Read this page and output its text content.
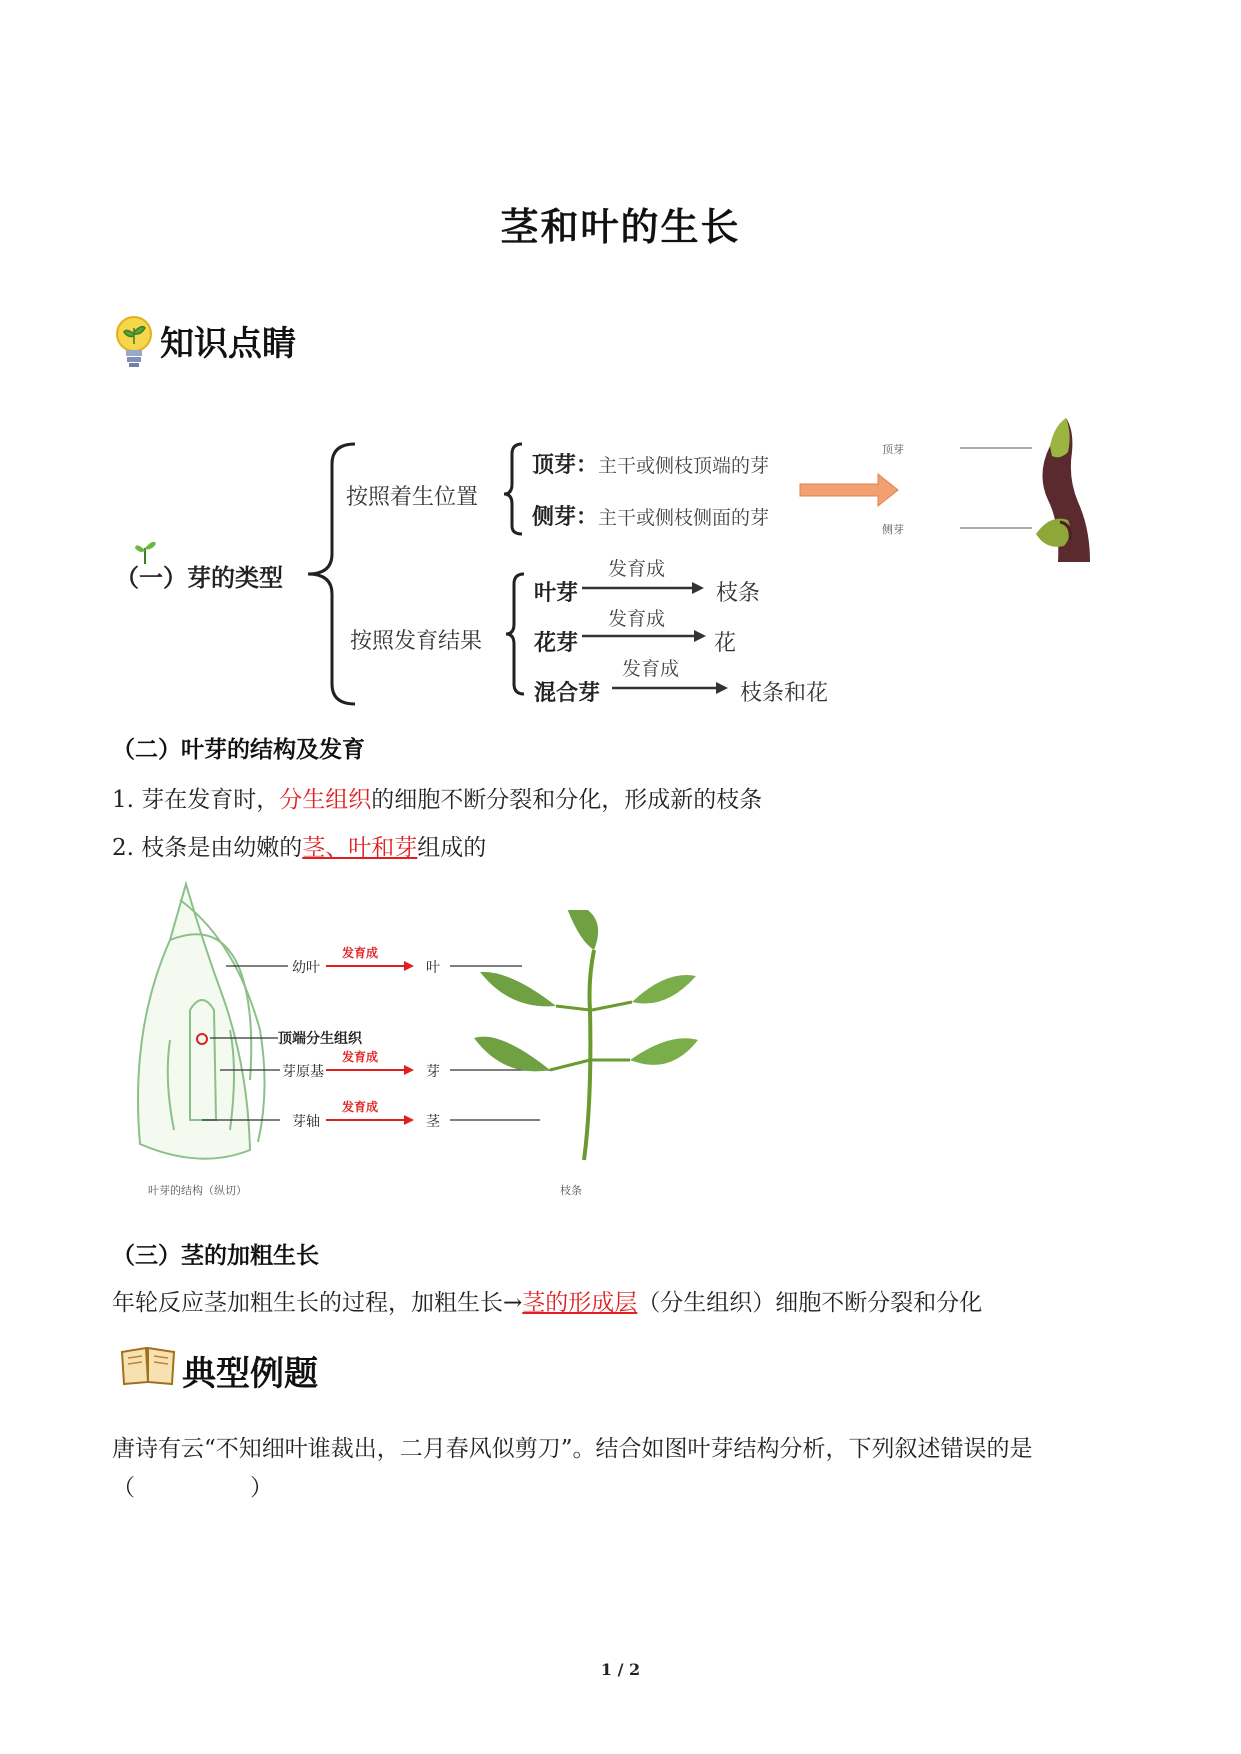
茎和叶的生长
知识点睛
（一）芽的类型
按照着生位置
顶芽：主干或侧枝顶端的芽
侧芽：主干或侧枝侧面的芽
按照发育结果
叶芽
发育成
枝条
花芽
发育成
花
混合芽
发育成
枝条和花
顶芽
侧芽
（二）叶芽的结构及发育
1. 芽在发育时，分生组织的细胞不断分裂和分化，形成新的枝条
2. 枝条是由幼嫩的茎、叶和芽组成的
幼叶
发育成
叶
顶端分生组织
芽原基
发育成
芽
芽轴
发育成
茎
叶芽的结构（纵切）	枝条
（三）茎的加粗生长
年轮反应茎加粗生长的过程，加粗生长→茎的形成层（分生组织）细胞不断分裂和分化
典型例题
唐诗有云“不知细叶谁裁出，二月春风似剪刀”。结合如图叶芽结构分析，下列叙述错误的是
（　　　　　）
1 / 2
